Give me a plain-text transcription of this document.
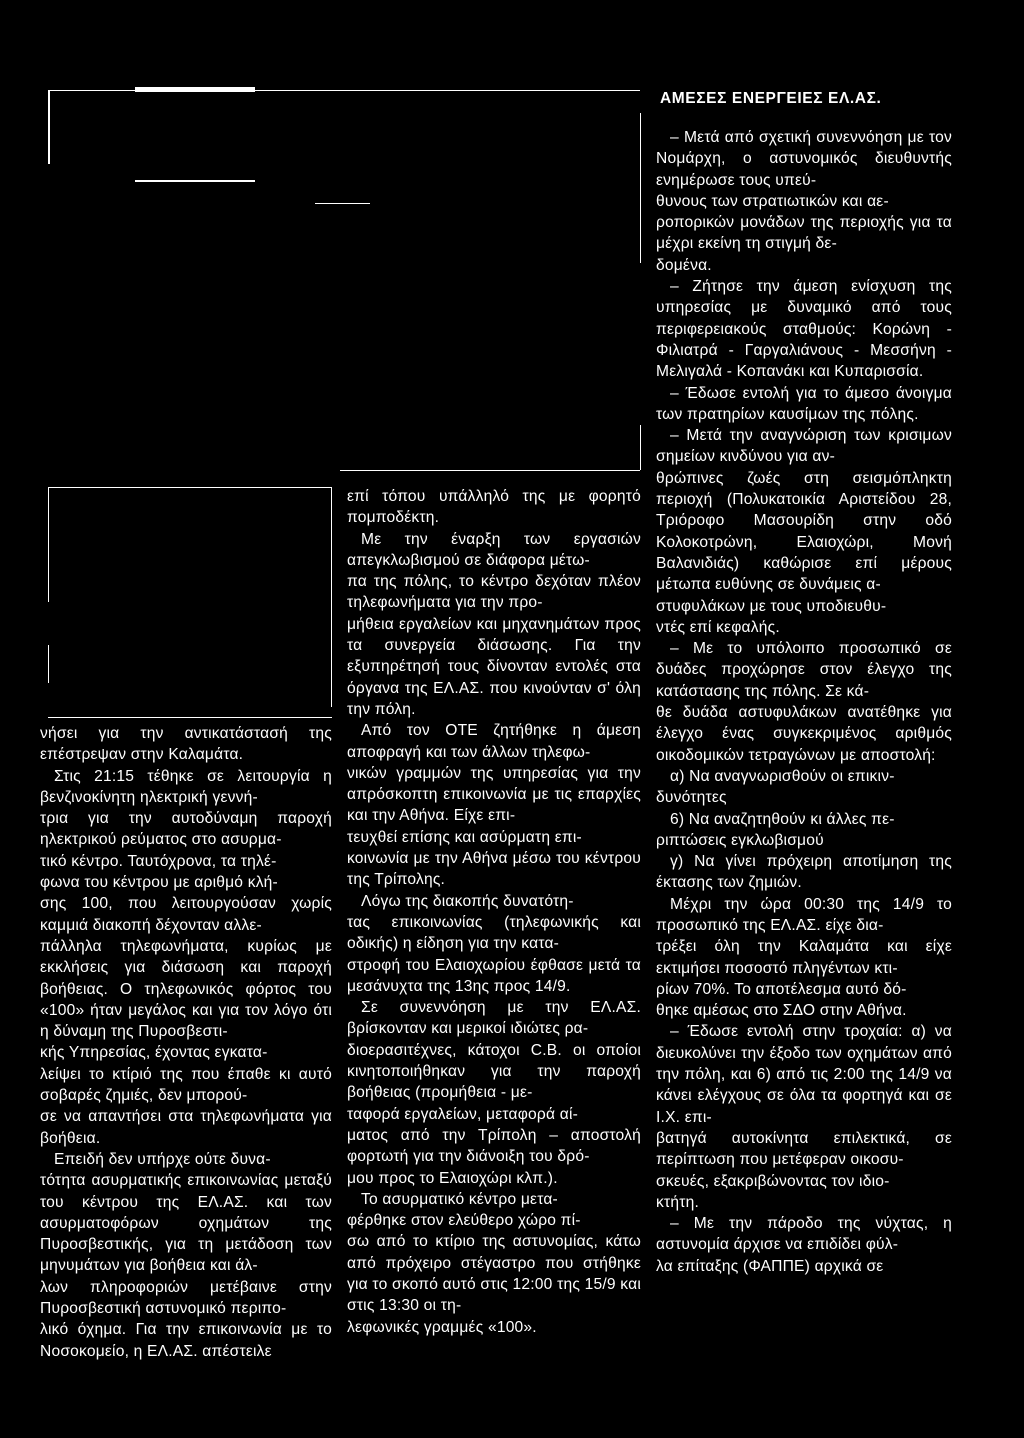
ΑΜΕΣΕΣ ΕΝΕΡΓΕΙΕΣ ΕΛ.ΑΣ.

νήσει για την αντικατάστασή της επέστρεψαν στην Καλαμάτα.

Στις 21:15 τέθηκε σε λειτουργία η βενζινοκίνητη ηλεκτρική γεννή-
τρια για την αυτοδύναμη παροχή ηλεκτρικού ρεύματος στο ασυρμα-
τικό κέντρο. Ταυτόχρονα, τα τηλέ-
φωνα του κέντρου με αριθμό κλή-
σης 100, που λειτουργούσαν χωρίς καμμιά διακοπή δέχονταν αλλε-
πάλληλα τηλεφωνήματα, κυρίως με εκκλήσεις για διάσωση και παροχή βοήθειας. Ο τηλεφωνικός φόρτος του «100» ήταν μεγάλος και για τον λόγο ότι η δύναμη της Πυροσβεστι-
κής Υπηρεσίας, έχοντας εγκατα-
λείψει το κτίριό της που έπαθε κι αυτό σοβαρές ζημιές, δεν μπορού-
σε να απαντήσει στα τηλεφωνήματα για βοήθεια.

Επειδή δεν υπήρχε ούτε δυνα-
τότητα ασυρματικής επικοινωνίας μεταξύ του κέντρου της ΕΛ.ΑΣ. και των ασυρματοφόρων οχημάτων της Πυροσβεστικής, για τη μετάδοση των μηνυμάτων για βοήθεια και άλ-
λων πληροφοριών μετέβαινε στην Πυροσβεστική αστυνομικό περιπο-
λικό όχημα. Για την επικοινωνία με το Νοσοκομείο, η ΕΛ.ΑΣ. απέστειλε

επί τόπου υπάλληλό της με φορητό πομποδέκτη.

Με την έναρξη των εργασιών απεγκλωβισμού σε διάφορα μέτω-
πα της πόλης, το κέντρο δεχόταν πλέον τηλεφωνήματα για την προ-
μήθεια εργαλείων και μηχανημάτων προς τα συνεργεία διάσωσης. Για την εξυπηρέτησή τους δίνονταν εντολές στα όργανα της ΕΛ.ΑΣ. που κινούνταν σ' όλη την πόλη.

Από τον ΟΤΕ ζητήθηκε η άμεση αποφραγή και των άλλων τηλεφω-
νικών γραμμών της υπηρεσίας για την απρόσκοπτη επικοινωνία με τις επαρχίες και την Αθήνα. Είχε επι-
τευχθεί επίσης και ασύρματη επι-
κοινωνία με την Αθήνα μέσω του κέντρου της Τρίπολης.

Λόγω της διακοπής δυνατότη-
τας επικοινωνίας (τηλεφωνικής και οδικής) η είδηση για την κατα-
στροφή του Ελαιοχωρίου έφθασε μετά τα μεσάνυχτα της 13ης προς 14/9.

Σε συνεννόηση με την ΕΛ.ΑΣ. βρίσκονταν και μερικοί ιδιώτες ρα-
διοερασιτέχνες, κάτοχοι C.B. οι οποίοι κινητοποιήθηκαν για την παροχή βοήθειας (προμήθεια - με-
ταφορά εργαλείων, μεταφορά αί-
ματος από την Τρίπολη – αποστολή φορτωτή για την διάνοιξη του δρό-
μου προς το Ελαιοχώρι κλπ.).

Το ασυρματικό κέντρο μετα-
φέρθηκε στον ελεύθερο χώρο πί-
σω από το κτίριο της αστυνομίας, κάτω από πρόχειρο στέγαστρο που στήθηκε για το σκοπό αυτό στις 12:00 της 15/9 και στις 13:30 οι τη-
λεφωνικές γραμμές «100».

– Μετά από σχετική συνεννόηση με τον Νομάρχη, ο αστυνομικός διευθυντής ενημέρωσε τους υπεύ-
θυνους των στρατιωτικών και αε-
ροπορικών μονάδων της περιοχής για τα μέχρι εκείνη τη στιγμή δε-
δομένα.

– Ζήτησε την άμεση ενίσχυση της υπηρεσίας με δυναμικό από τους περιφερειακούς σταθμούς: Κορώνη - Φιλιατρά - Γαργαλιάνους - Μεσσήνη - Μελιγαλά - Κοπανάκι και Κυπαρισσία.

– Έδωσε εντολή για το άμεσο άνοιγμα των πρατηρίων καυσίμων της πόλης.

– Μετά την αναγνώριση των κρισιμων σημείων κινδύνου για αν-
θρώπινες ζωές στη σεισμόπληκτη περιοχή (Πολυκατοικία Αριστείδου 28, Τριόροφο Μασουρίδη στην οδό Κολοκοτρώνη, Ελαιοχώρι, Μονή Βαλανιδιάς) καθώρισε επί μέρους μέτωπα ευθύνης σε δυνάμεις α-
στυφυλάκων με τους υποδιευθυ-
ντές επί κεφαλής.

– Με το υπόλοιπο προσωπικό σε δυάδες προχώρησε στον έλεγχο της κατάστασης της πόλης. Σε κά-
θε δυάδα αστυφυλάκων ανατέθηκε για έλεγχο ένας συγκεκριμένος αριθμός οικοδομικών τετραγώνων με αποστολή:

α) Να αναγνωρισθούν οι επικιν-
δυνότητες

6) Να αναζητηθούν κι άλλες πε-
ριπτώσεις εγκλωβισμού

γ) Να γίνει πρόχειρη αποτίμηση της έκτασης των ζημιών.

Μέχρι την ώρα 00:30 της 14/9 το προσωπικό της ΕΛ.ΑΣ. είχε δια-
τρέξει όλη την Καλαμάτα και είχε εκτιμήσει ποσοστό πληγέντων κτι-
ρίων 70%. Το αποτέλεσμα αυτό δό-
θηκε αμέσως στο ΣΔΟ στην Αθήνα.

– Έδωσε εντολή στην τροχαία: α) να διευκολύνει την έξοδο των οχημάτων από την πόλη, και 6) από τις 2:00 της 14/9 να κάνει ελέγχους σε όλα τα φορτηγά και σε Ι.Χ. επι-
βατηγά αυτοκίνητα επιλεκτικά, σε περίπτωση που μετέφεραν οικοσυ-
σκευές, εξακριβώνοντας τον ιδιο-
κτήτη.

– Με την πάροδο της νύχτας, η αστυνομία άρχισε να επιδίδει φύλ-
λα επίταξης (ΦΑΠΠΕ) αρχικά σε
